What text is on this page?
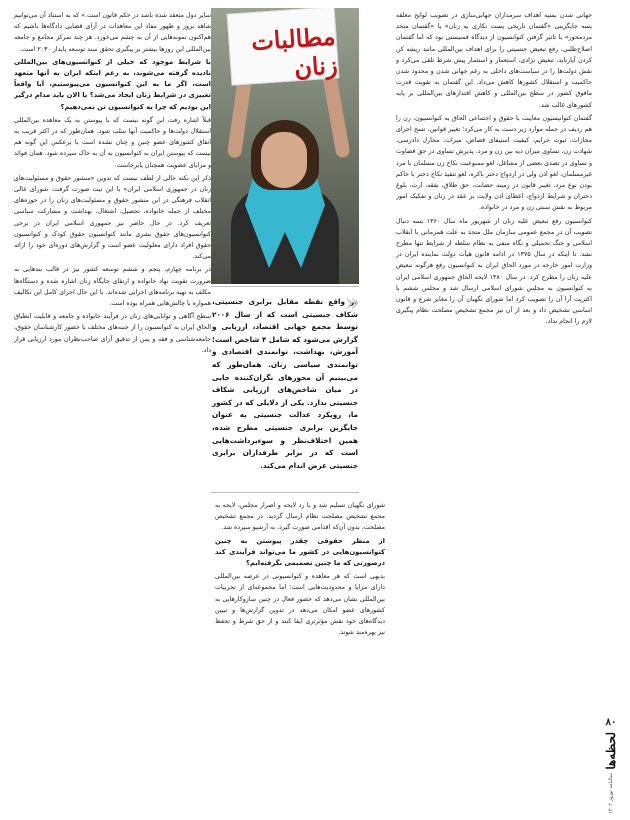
مطالبات زنان
«

در واقع نقطه مقابل برابری جنسیتی، شکاف جنسیتی است که از سال ۲۰۰۶ توسط مجمع جهانی اقتصاد، ارزیابی و گزارش می‌شود که شامل ۴ شاخص است؛ آموزش، بهداشت، توانمندی اقتصادی و توانمندی سیاسی زنان. همان‌طور که می‌بینیم آن محورهای نگران‌کننده جایی در میان شاخص‌های ارزیابی شکاف جنسیتی ندارد. یکی از دلایلی که در کشور ما، رویکرد عدالت جنسیتی به عنوان جایگزین برابری جنسیتی مطرح شده، همین اختلاف‌نظر و سوءبرداشت‌هایی است که در برابر طرفداران برابری جنسیتی عرض اندام می‌کند.

جهانی شدن بسیه اهداف سرمداران جهانی‌سازی در تصویب لوایح مغلقه بسه جایگزینی «گفتمان تاریخی پست نکاری به زنان» یا «گفتمان متحد مردمحور» با تاثیر گرفتن کنوانسیون از دیدگاه فمنیستی بود که اما گفتمان اصلاح‌طلبی، رفع تبعیض جنسیتی را برای اهداف بین‌المللی مانند ریشه کن کردن آپارتاید، تبعیض نژادی، استعمار و استثمار پیش شرط تلقی می‌کرد و نقش دولت‌ها را در سیاست‌های داخلی به رغم جهانی شدن و محدود شدن حاکمیت و استقلال کشورها کاهش می‌داد. این گفتمان به تقویت قدرت مافوق کشور در سطح بین‌المللی و کاهش اقتدارهای بین‌المللی بر پایه کشورهای غالب شد.

گفتمان کنوانیسیون مغایبت با حقوق و اجتماعی الحاق به کنوانسیون، زن را هم ردیف در جمله موارد زیر دست به کار می‌کرد؛ تغییر قوانین، نسخ اجرای مجازات، ثبوت جرایم، کیفیت استیفای قصاص، میراث، محارل دادرسی، شهادت زن، تساوی میزان دیه بین زن و مرد، پذیرش تساوی در حق قضاوت و تساوی در تصدی بعضی از مشاغل، لغو ممنوعیت نکاح زن مسلمان با مرد غیرمسلمان، لغو اذن ولی در ازدواج دختر باکره، لغو تنفیذ نکاح دختر با حاکم بودن نوع مرد، تغییر قانون در زمینه حضانت، حق طلاق، نفقه، ارث، بلوغ دختران و شرایط ازدواج، اعطای اذن ولایت بر عقد در زنان و تفکیک امور مربوط به نقش سنتی زن و مرد در خانواده.

کنوانسیون رفع تبعیض علیه زنان از شهریور ماه سال ۱۳۶۰ بسه دنبال تصویب آن در مجمع عمومی سازمان ملل متحد به علت همزمانی با انقلاب اسلامی و جنگ تحمیلی و نگاه منفی به نظام سلطه از شرایط تنها مطرح نشد. تا اینکه در سال ۱۳۷۵ در ادامه قانون هیأت دولت نماینده ایران در وزارت امور خارجه در مورد الحاق ایران به کنوانسیون رفع هرگونه تبعیض علیه زنان را مطرح کرد. در سال ۱۳۸۰ لایحه الحاق جمهوری اسلامی ایران به کنوانسیون به مجلس شورای اسلامی ارسال شد و مجلس ششم با اکثریت آرا آن را تصویب کرد اما شورای نگهبان آن را مغایر شرع و قانون اساسی تشخیص داد و بعد از آن نیز مجمع تشخیص مصلحت نظام پیگیری لازم را انجام نداد.

شورای نگهبان تسلیم شد و با رد لایحه و اصرار مجلس، لایحه به مجمع تشخیص مصلحت نظام ارسال گردید. در مجمع تشخیص مصلحت، بدون آن‌که اقدامی صورت گیرد، به آرشیو سپرده شد.

از منظر حقوقی چقدر پیوستن به چنین کنوانسیون‌هایی در کشور ما می‌تواند فرآیندی کند درصورتی که ما چنین تصمیمی نگرفته‌ایم؟

بدیهی است که هر معاهده و کنوانسیونی در عرصه بین‌المللی دارای مزایا و محدودیت‌هایی است؛ اما مجموعه‌ای از تجربیات بین‌المللی نشان می‌دهد که حضور فعال در چنین سازوکارهایی به کشورهای عضو امکان می‌دهد در تدوین گزارش‌ها و تبیین دیدگاه‌های خود نقش مؤثرتری ایفا کنند و از حق شرط و تحفظ نیز بهره‌مند شوند.

سایر دول متعقد شده باشد در حکم قانون است.» که به استناد آن می‌توانیم شاهد بروز و ظهور مفاد این معاهدات در آرای قضایی دادگاه‌ها باشیم که هم‌اکنون نمونه‌هایی از آن به چشم می‌خورد. هر چند تمرکز مجامع و جامعه بین‌المللی این روزها بیشتر بر پیگیری تحقق سند توسعه پایدار ۲۰۳۰ است.

با شرایط موجود که خیلی از کنوانسیون‌های بین‌المللی نادیده گرفته می‌شوند، به رغم اینکه ایران به آنها متعهد است، اگر ما به این کنوانسیون می‌پیوستیم، آیا واقعاً تغییری در شرایط زنان ایجاد می‌شد؟ یا الان باید مدام درگیر این بودیم که چرا به کنوانسیون تن نمی‌دهیم؟

قبلاً اشاره رفت این گونه نیست که با پیوستن به یک معاهده بین‌المللی استقلال دولت‌ها و حاکمیت آنها سلب شود. همان‌طور که در اکثر قریب به اتفاق کشورهای عضو چنین و چنان نشده است با برعکس این گونه هم نیست که پیوستن ایران به کنوانسیون به آن به خاک سپرده شود. همان فوائد و مزایای عضویت همچنان پابرجاست.

ذکر این نکته خالی از لطف نیست که تدوین «منشور حقوق و مسئولیت‌های زنان در جمهوری اسلامی ایران» با این نیت صورت گرفت. شورای عالی انقلاب فرهنگی در این منشور حقوق و مسئولیت‌های زنان را در حوزه‌های مختلف از جمله خانواده، تحصیل، اشتغال، بهداشت و مشارکت سیاسی تعریف کرد. در حال حاضر نیز جمهوری اسلامی ایران در برخی کنوانسیون‌های حقوق بشری مانند کنوانسیون حقوق کودک و کنوانسیون حقوق افراد دارای معلولیت عضو است و گزارش‌های دوره‌ای خود را ارائه می‌کند.

در برنامه چهارم، پنجم و ششم توسعه کشور نیز در قالب بندهایی به ضرورت تقویت نهاد خانواده و ارتقای جایگاه زنان اشاره شده و دستگاه‌ها مکلف به تهیه برنامه‌های اجرایی شده‌اند. با این حال اجرای کامل این تکالیف همواره با چالش‌هایی همراه بوده است.

سطح آگاهی و توانایی‌های زنان در فرآیند خانواده و جامعه و قابلیت انطباق الحاق ایران به کنوانسیون را از جنبه‌های مختلف با حضور کارشناسان حقوق، جامعه‌شناسی و فقه و پس از تدقیق آرای صاحب‌نظران مورد ارزیابی قرار داد.

۸۰
لحظه‌ها
سالنامه نوروز ۱۴۰۲
